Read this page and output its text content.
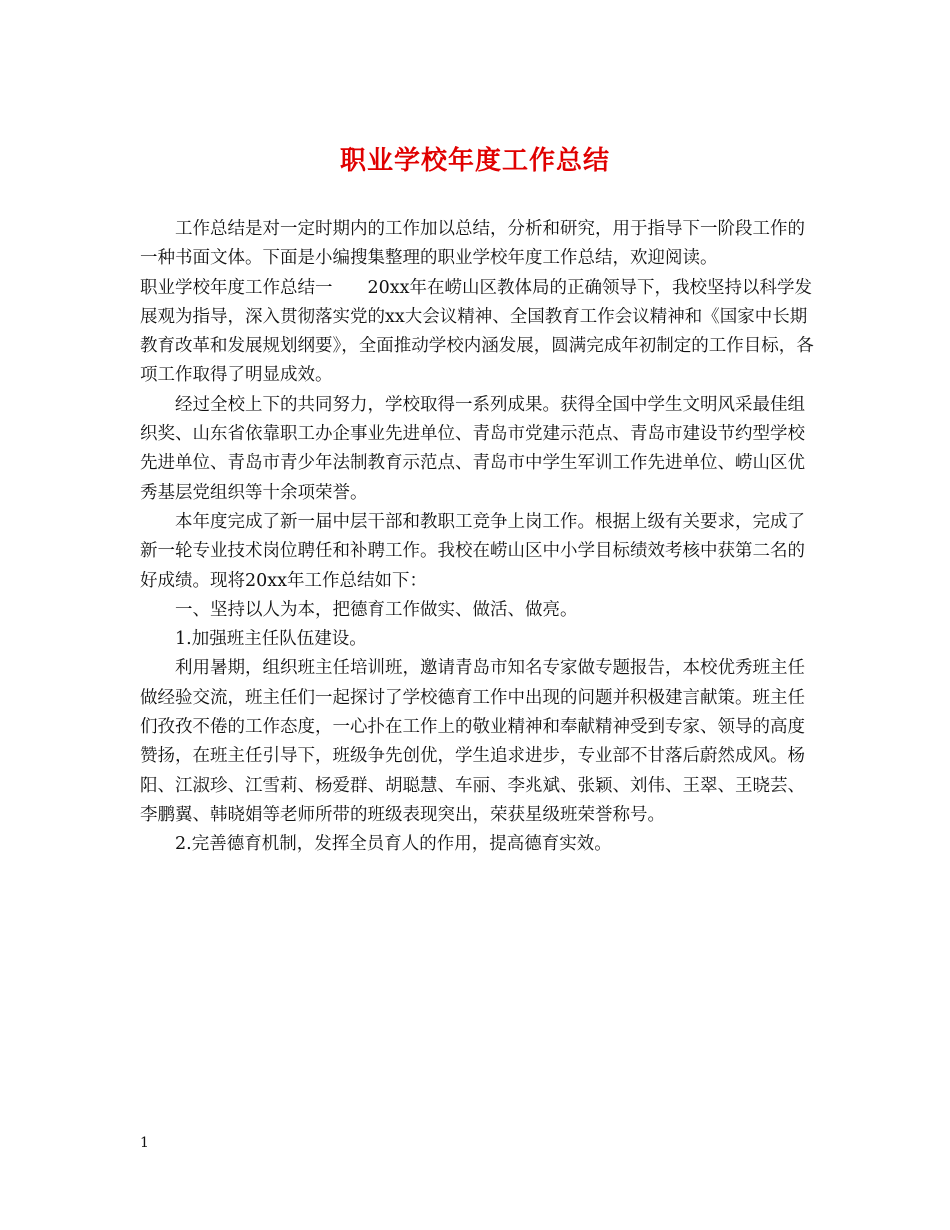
职业学校年度工作总结

工作总结是对一定时期内的工作加以总结，分析和研究，用于指导下一阶段工作的一种书面文体。下面是小编搜集整理的职业学校年度工作总结，欢迎阅读。

职业学校年度工作总结一　　20xx年在崂山区教体局的正确领导下，我校坚持以科学发展观为指导，深入贯彻落实党的xx大会议精神、全国教育工作会议精神和《国家中长期教育改革和发展规划纲要》，全面推动学校内涵发展，圆满完成年初制定的工作目标，各项工作取得了明显成效。

经过全校上下的共同努力，学校取得一系列成果。获得全国中学生文明风采最佳组织奖、山东省依靠职工办企事业先进单位、青岛市党建示范点、青岛市建设节约型学校先进单位、青岛市青少年法制教育示范点、青岛市中学生军训工作先进单位、崂山区优秀基层党组织等十余项荣誉。

本年度完成了新一届中层干部和教职工竞争上岗工作。根据上级有关要求，完成了新一轮专业技术岗位聘任和补聘工作。我校在崂山区中小学目标绩效考核中获第二名的好成绩。现将20xx年工作总结如下：

一、坚持以人为本，把德育工作做实、做活、做亮。

1.加强班主任队伍建设。

利用暑期，组织班主任培训班，邀请青岛市知名专家做专题报告，本校优秀班主任做经验交流，班主任们一起探讨了学校德育工作中出现的问题并积极建言献策。班主任们孜孜不倦的工作态度，一心扑在工作上的敬业精神和奉献精神受到专家、领导的高度赞扬，在班主任引导下，班级争先创优，学生追求进步，专业部不甘落后蔚然成风。杨阳、江淑珍、江雪莉、杨爱群、胡聪慧、车丽、李兆斌、张颖、刘伟、王翠、王晓芸、李鹏翼、韩晓娟等老师所带的班级表现突出，荣获星级班荣誉称号。

2.完善德育机制，发挥全员育人的作用，提高德育实效。

1
